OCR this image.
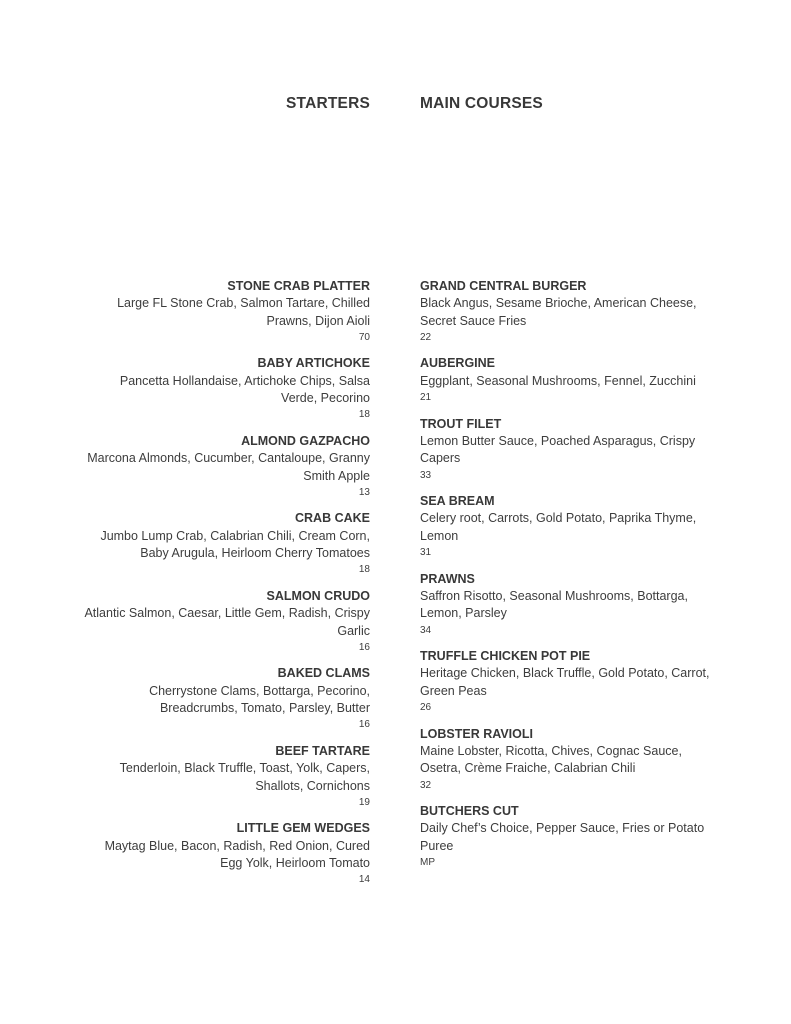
STARTERS
STONE CRAB PLATTER
Large FL Stone Crab, Salmon Tartare, Chilled Prawns, Dijon Aioli
70
BABY ARTICHOKE
Pancetta Hollandaise, Artichoke Chips, Salsa Verde, Pecorino
18
ALMOND GAZPACHO
Marcona Almonds, Cucumber, Cantaloupe, Granny Smith Apple
13
CRAB CAKE
Jumbo Lump Crab, Calabrian Chili, Cream Corn, Baby Arugula, Heirloom Cherry Tomatoes
18
SALMON CRUDO
Atlantic Salmon, Caesar, Little Gem, Radish, Crispy Garlic
16
BAKED CLAMS
Cherrystone Clams, Bottarga, Pecorino, Breadcrumbs, Tomato, Parsley, Butter
16
BEEF TARTARE
Tenderloin, Black Truffle, Toast, Yolk, Capers, Shallots, Cornichons
19
LITTLE GEM WEDGES
Maytag Blue, Bacon, Radish, Red Onion, Cured Egg Yolk, Heirloom Tomato
14
MAIN COURSES
GRAND CENTRAL BURGER
Black Angus, Sesame Brioche, American Cheese, Secret Sauce Fries
22
AUBERGINE
Eggplant, Seasonal Mushrooms, Fennel, Zucchini
21
TROUT FILET
Lemon Butter Sauce, Poached Asparagus, Crispy Capers
33
SEA BREAM
Celery root, Carrots, Gold Potato, Paprika Thyme, Lemon
31
PRAWNS
Saffron Risotto, Seasonal Mushrooms, Bottarga, Lemon, Parsley
34
TRUFFLE CHICKEN POT PIE
Heritage Chicken, Black Truffle, Gold Potato, Carrot, Green Peas
26
LOBSTER RAVIOLI
Maine Lobster, Ricotta, Chives, Cognac Sauce, Osetra, Crème Fraiche, Calabrian Chili
32
BUTCHERS CUT
Daily Chef’s Choice, Pepper Sauce, Fries or Potato Puree
MP
